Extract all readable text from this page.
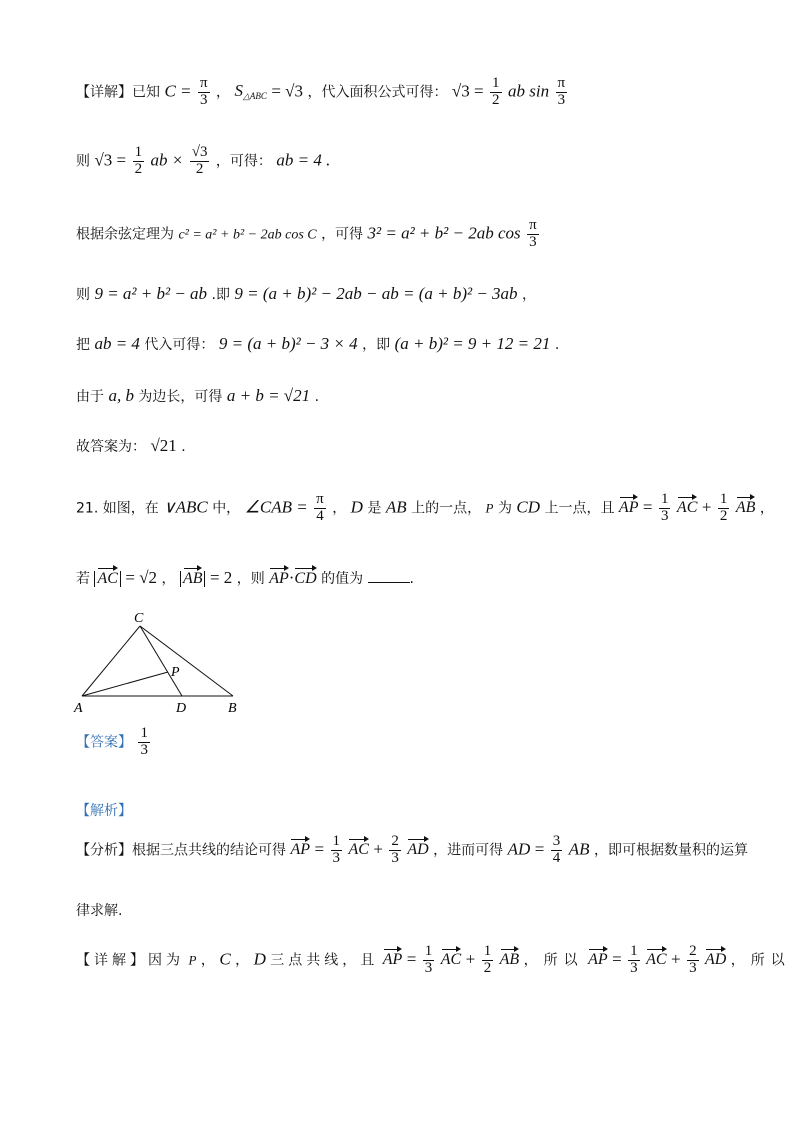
【详解】已知 $C = \frac{\pi}{3}$ ， $S_{\triangle ABC} = √3$ ，代入面积公式可得： $√3 = \frac{1}{2}$ ab $\sin \frac{\pi}{3}$
则 $√3 = \frac{1}{2}$ ab × $\frac{√3}{2}$ ，可得： ab = 4 .
根据余弦定理为 c² = a² + b² − 2ab cos C ，可得 3² = a² + b² − 2ab $\cos \frac{\pi}{3}$
则 9 = a² + b² − ab .即 9 = (a + b)² − 2ab − ab = (a + b)² − 3ab ，
把 ab = 4 代入可得： 9 = (a + b)² − 3 × 4 ，即 (a + b)² = 9 + 12 = 21 .
由于 a, b 为边长，可得 a + b = √21 .
故答案为： √21 .
21. 如图，在 ∨ABC 中， ∠CAB = $\frac{\pi}{4}$ ， D 是 AB 上的一点， P 为 CD 上一点，且 AP = $\frac{1}{3}$ AC + $\frac{1}{2}$ AB ，
若 AC = √2 ， AB = 2 ，则 AP·CD 的值为	.
C
P
A	D	B
【答案】 $\frac{1}{3}$
【解析】
【分析】根据三点共线的结论可得 AP = $\frac{1}{3}$ AC + $\frac{2}{3}$ AD ，进而可得 AD = $\frac{3}{4}$ AB ，即可根据数量积的运算
律求解.
【详解】因为 P ， C ， D 三点共线，且 AP = $\frac{1}{3}$ AC + $\frac{1}{2}$ AB ，所以 AP = $\frac{1}{3}$ AC + $\frac{2}{3}$ AD ，所以
